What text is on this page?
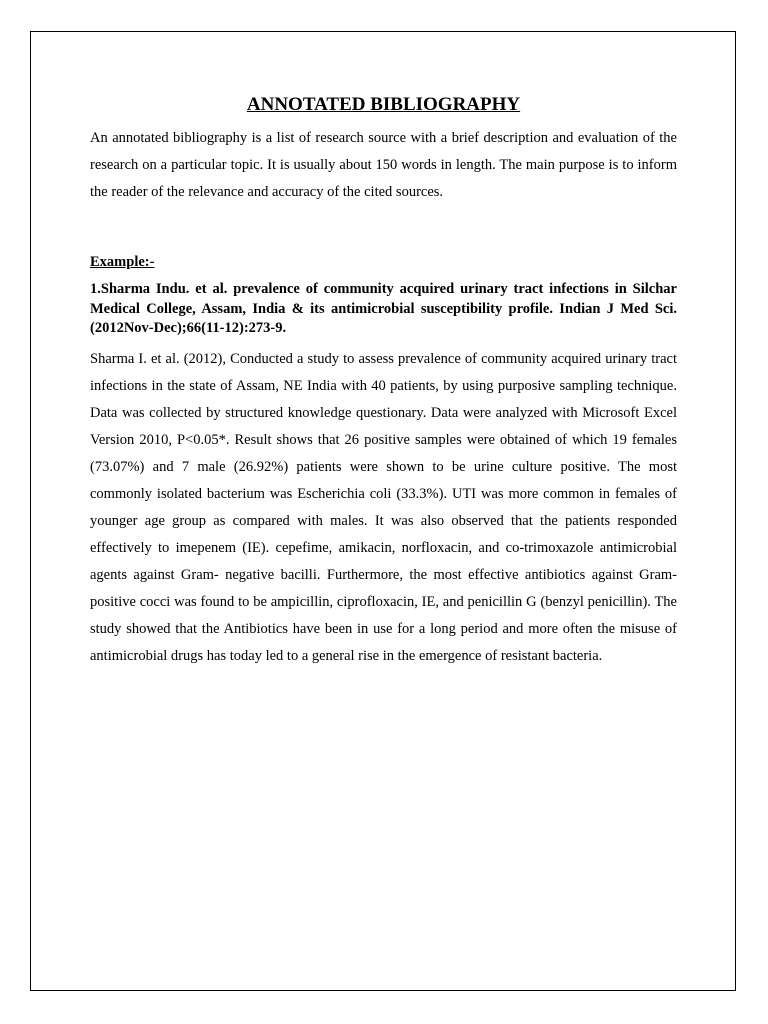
ANNOTATED BIBLIOGRAPHY

An annotated bibliography is a list of research source with a brief description and evaluation of the research on a particular topic. It is usually about 150 words in length. The main purpose is to inform the reader of the relevance and accuracy of the cited sources.

Example:-

1.Sharma Indu. et al. prevalence of community acquired urinary tract infections in Silchar Medical College, Assam, India & its antimicrobial susceptibility profile. Indian J Med Sci. (2012Nov-Dec);66(11-12):273-9.

Sharma I. et al. (2012), Conducted a study to assess prevalence of community acquired urinary tract infections in the state of Assam, NE India with 40 patients, by using purposive sampling technique. Data was collected by structured knowledge questionary. Data were analyzed with Microsoft Excel Version 2010, P<0.05*. Result shows that 26 positive samples were obtained of which 19 females (73.07%) and 7 male (26.92%) patients were shown to be urine culture positive. The most commonly isolated bacterium was Escherichia coli (33.3%). UTI was more common in females of younger age group as compared with males. It was also observed that the patients responded effectively to imepenem (IE). cepefime, amikacin, norfloxacin, and co-trimoxazole antimicrobial agents against Gram- negative bacilli. Furthermore, the most effective antibiotics against Gram-positive cocci was found to be ampicillin, ciprofloxacin, IE, and penicillin G (benzyl penicillin). The study showed that the Antibiotics have been in use for a long period and more often the misuse of antimicrobial drugs has today led to a general rise in the emergence of resistant bacteria.
